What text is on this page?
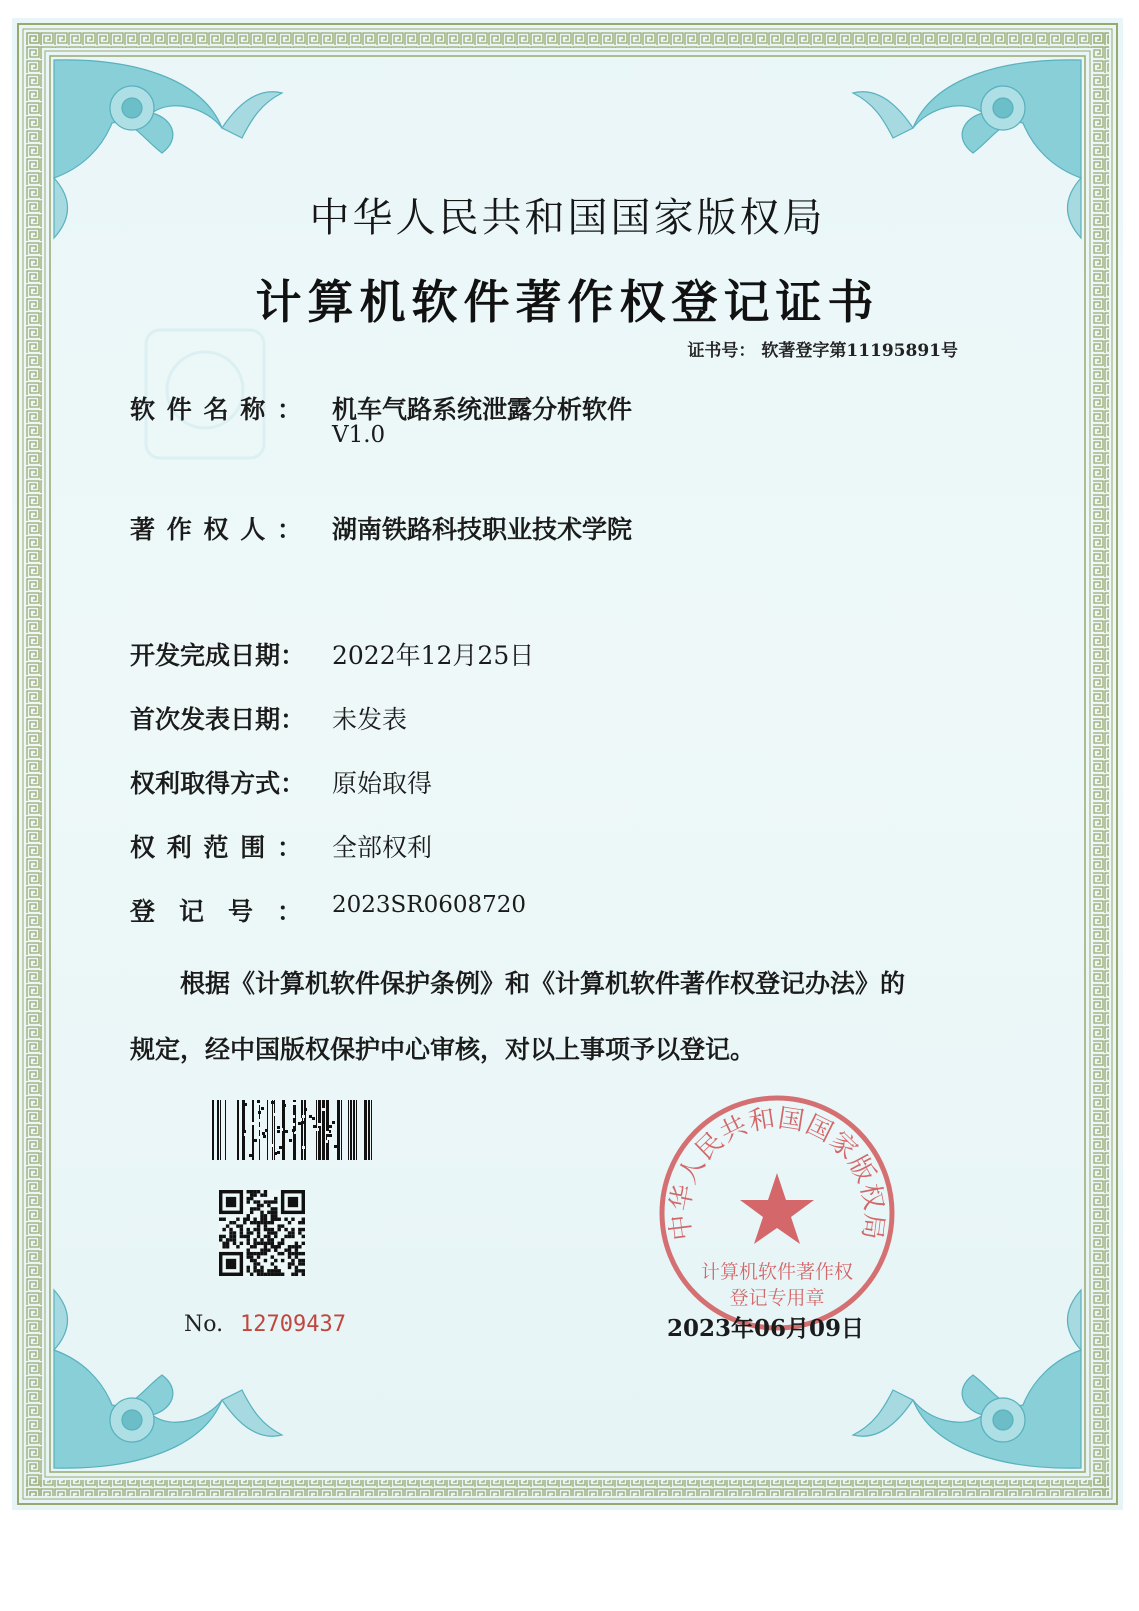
中华人民共和国国家版权局
计算机软件著作权登记证书
证书号： 软著登字第11195891号
软 件 名 称 ： 机车气路系统泄露分析软件
V1.0
著 作 权 人 ： 湖南铁路科技职业技术学院
开 发 完 成 日 期 ： 2022年12月25日
首 次 发 表 日 期 ： 未发表
权 利 取 得 方 式 ： 原始取得
权 利 范 围 ： 全部权利
登 记 号 ： 2023SR0608720
根据《计算机软件保护条例》和《计算机软件著作权登记办法》的
规定，经中国版权保护中心审核，对以上事项予以登记。
No. 12709437
中华人民共和国国家版权局
计算机软件著作权
登记专用章
2023年06月09日
